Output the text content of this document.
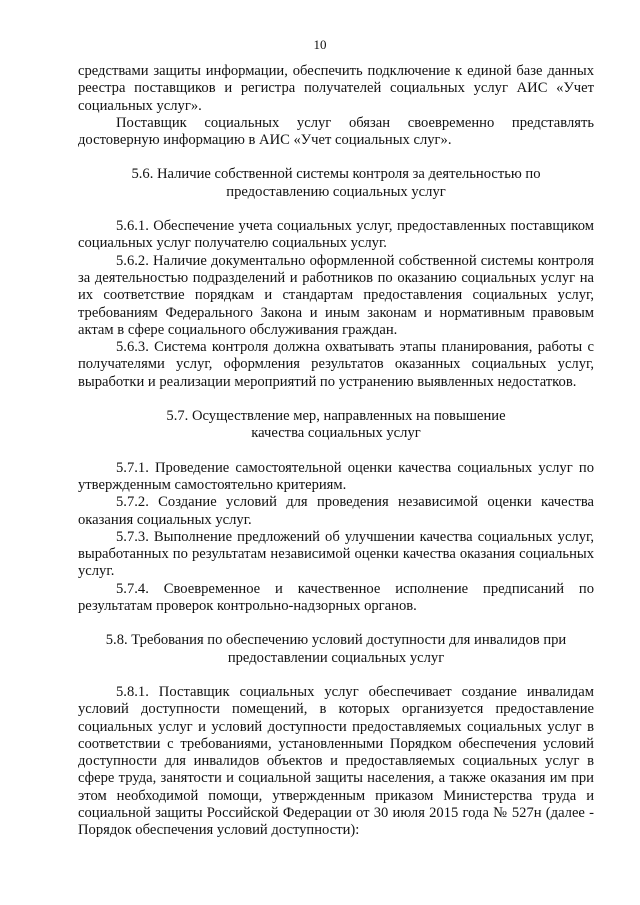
10

средствами защиты информации, обеспечить подключение к единой базе данных реестра поставщиков и регистра получателей социальных услуг АИС «Учет социальных услуг».

Поставщик социальных услуг обязан своевременно представлять достоверную информацию в АИС «Учет социальных слуг».

5.6. Наличие собственной системы контроля за деятельностью по
предоставлению социальных услуг

5.6.1. Обеспечение учета социальных услуг, предоставленных поставщиком социальных услуг получателю социальных услуг.

5.6.2. Наличие документально оформленной собственной системы контроля за деятельностью подразделений и работников по оказанию социальных услуг на их соответствие порядкам и стандартам предоставления социальных услуг, требованиям Федерального Закона и иным законам и нормативным правовым актам в сфере социального обслуживания граждан.

5.6.3. Система контроля должна охватывать этапы планирования, работы с получателями услуг, оформления результатов оказанных социальных услуг, выработки и реализации мероприятий по устранению выявленных недостатков.

5.7. Осуществление мер, направленных на повышение
качества социальных услуг

5.7.1. Проведение самостоятельной оценки качества социальных услуг по утвержденным самостоятельно критериям.

5.7.2. Создание условий для проведения независимой оценки качества оказания социальных услуг.

5.7.3. Выполнение предложений об улучшении качества социальных услуг, выработанных по результатам независимой оценки качества оказания социальных услуг.

5.7.4. Своевременное и качественное исполнение предписаний по результатам проверок контрольно-надзорных органов.

5.8. Требования по обеспечению условий доступности для инвалидов при
предоставлении социальных услуг

5.8.1. Поставщик социальных услуг обеспечивает создание инвалидам условий доступности помещений, в которых организуется предоставление социальных услуг и условий доступности предоставляемых социальных услуг в соответствии с требованиями, установленными Порядком обеспечения условий доступности для инвалидов объектов и предоставляемых социальных услуг в сфере труда, занятости и социальной защиты населения, а также оказания им при этом необходимой помощи, утвержденным приказом Министерства труда и социальной защиты Российской Федерации от 30 июля 2015 года № 527н (далее - Порядок обеспечения условий доступности):
